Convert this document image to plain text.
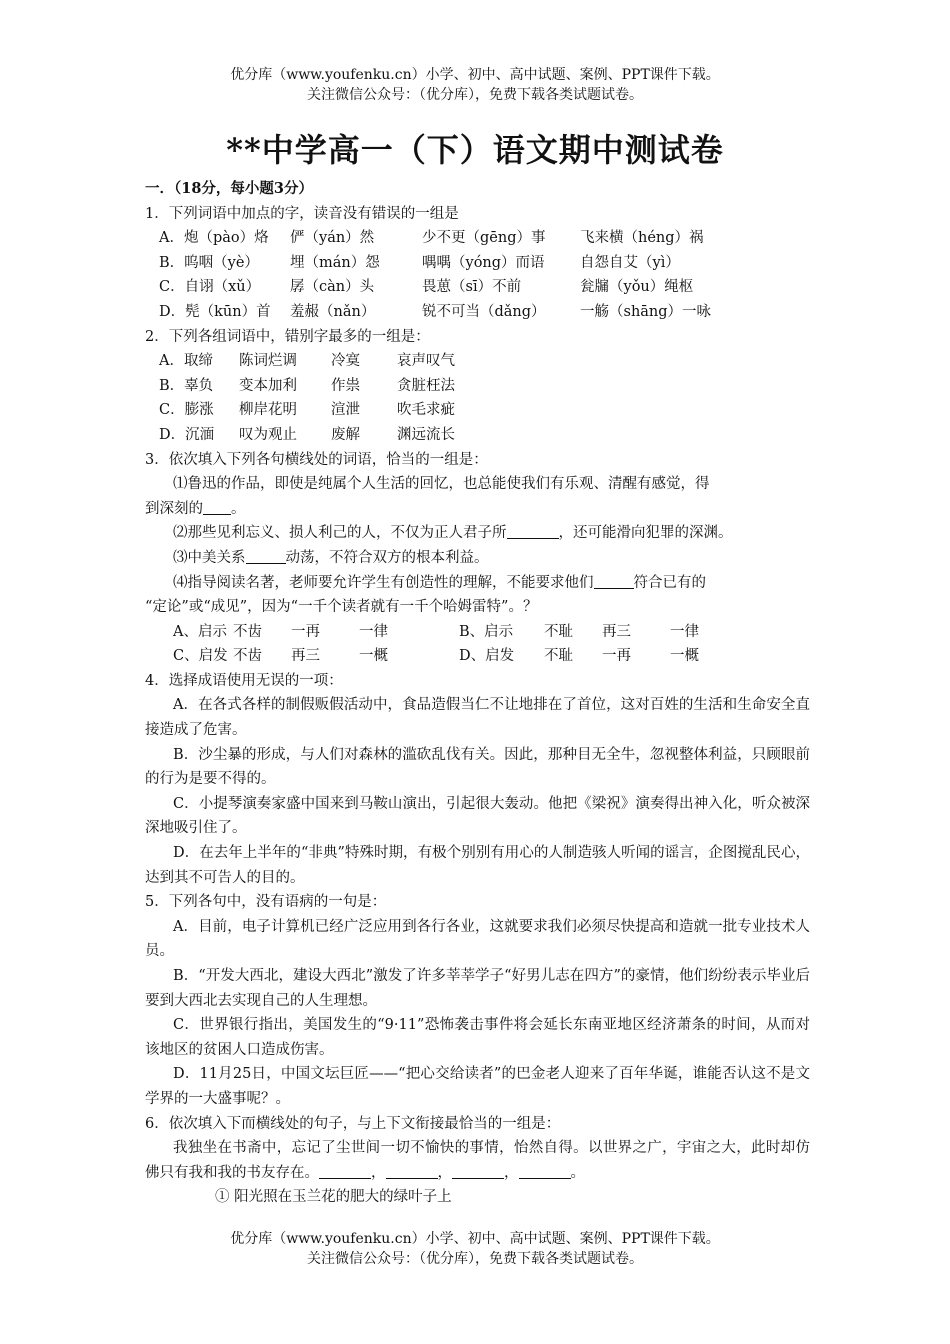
优分库（www.youfenku.cn）小学、初中、高中试题、案例、PPT课件下载。
关注微信公众号：（优分库），免费下载各类试题试卷。
**中学高一（下）语文期中测试卷

一．（18分，每小题3分）

1．下列词语中加点的字，读音没有错误的一组是

A．炮（pào）烙	俨（yán）然	少不更（gēng）事	飞来横（héng）祸
B．呜咽（yè）	埋（mán）怨	喁喁（yóng）而语	自怨自艾（yì）
C．自诩（xǔ）	孱（càn）头	畏葸（sī）不前	瓮牖（yǒu）绳枢
D．髡（kūn）首	羞赧（nǎn）	锐不可当（dǎng）	一觞（shāng）一咏

2．下列各组词语中，错别字最多的一组是：

A．取缔	陈词烂调	冷寞	哀声叹气
B．辜负	变本加利	作祟	贪脏枉法
C．膨涨	柳岸花明	渲泄	吹毛求疵
D．沉湎	叹为观止	废解	渊远流长

3．依次填入下列各句横线处的词语，恰当的一组是：

⑴鲁迅的作品，即使是纯属个人生活的回忆，也总能使我们有乐观、清醒有感觉，得

到深刻的 。

⑵那些见利忘义、损人利己的人，不仅为正人君子所	，还可能滑向犯罪的深渊。

⑶中美关系	动荡，不符合双方的根本利益。

⑷指导阅读名著，老师要允许学生有创造性的理解，不能要求他们	符合已有的

“定论”或“成见”，因为“一千个读者就有一千个哈姆雷特”。？

A、启示 不齿	一再	一律	B、启示	不耻	再三	一律
C、启发 不齿	再三	一概	D、启发	不耻	一再	一概

4．选择成语使用无误的一项：

A．在各式各样的制假贩假活动中，食品造假当仁不让地排在了首位，这对百姓的生活和生命安全直接造成了危害。

B．沙尘暴的形成，与人们对森林的滥砍乱伐有关。因此，那种目无全牛，忽视整体利益，只顾眼前的行为是要不得的。

C．小提琴演奏家盛中国来到马鞍山演出，引起很大轰动。他把《梁祝》演奏得出神入化，听众被深深地吸引住了。

D．在去年上半年的“非典”特殊时期，有极个别别有用心的人制造骇人听闻的谣言，企图搅乱民心，达到其不可告人的目的。

5．下列各句中，没有语病的一句是：

A．目前，电子计算机已经广泛应用到各行各业，这就要求我们必须尽快提高和造就一批专业技术人员。

B．“开发大西北，建设大西北”激发了许多莘莘学子“好男儿志在四方”的豪情，他们纷纷表示毕业后要到大西北去实现自己的人生理想。

C．世界银行指出，美国发生的“9·11”恐怖袭击事件将会延长东南亚地区经济萧条的时间，从而对该地区的贫困人口造成伤害。

D．11月25日，中国文坛巨匠——“把心交给读者”的巴金老人迎来了百年华诞，谁能否认这不是文学界的一大盛事呢？。

6．依次填入下而横线处的句子，与上下文衔接最恰当的一组是：

我独坐在书斋中，忘记了尘世间一切不愉快的事情，怡然自得。以世界之广，宇宙之大，此时却仿佛只有我和我的书友存在。	，	，	，	。

① 阳光照在玉兰花的肥大的绿叶子上

优分库（www.youfenku.cn）小学、初中、高中试题、案例、PPT课件下载。
关注微信公众号：（优分库），免费下载各类试题试卷。
